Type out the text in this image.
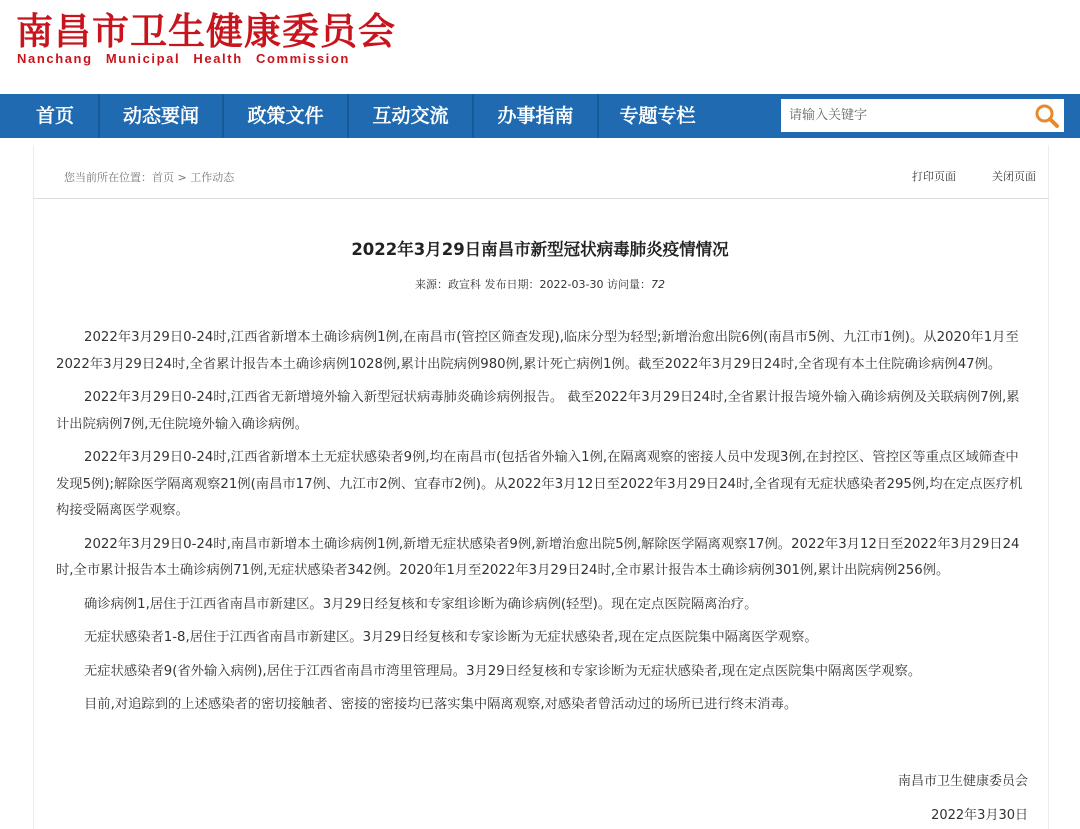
南昌市卫生健康委员会
Nanchang Municipal Health Commission
首页	动态要闻	政策文件	互动交流	办事指南	专题专栏
请输入关键字
您当前所在位置：首页 > 工作动态	打印页面	关闭页面
2022年3月29日南昌市新型冠状病毒肺炎疫情情况
来源：政宣科 发布日期：2022-03-30 访问量：72

2022年3月29日0-24时,江西省新增本土确诊病例1例,在南昌市(管控区筛查发现),临床分型为轻型;新增治愈出院6例(南昌市5例、九江市1例)。从2020年1月至2022年3月29日24时,全省累计报告本土确诊病例1028例,累计出院病例980例,累计死亡病例1例。截至2022年3月29日24时,全省现有本土住院确诊病例47例。

2022年3月29日0-24时,江西省无新增境外输入新型冠状病毒肺炎确诊病例报告。 截至2022年3月29日24时,全省累计报告境外输入确诊病例及关联病例7例,累计出院病例7例,无住院境外输入确诊病例。

2022年3月29日0-24时,江西省新增本土无症状感染者9例,均在南昌市(包括省外输入1例,在隔离观察的密接人员中发现3例,在封控区、管控区等重点区域筛查中发现5例);解除医学隔离观察21例(南昌市17例、九江市2例、宜春市2例)。从2022年3月12日至2022年3月29日24时,全省现有无症状感染者295例,均在定点医疗机构接受隔离医学观察。

2022年3月29日0-24时,南昌市新增本土确诊病例1例,新增无症状感染者9例,新增治愈出院5例,解除医学隔离观察17例。2022年3月12日至2022年3月29日24时,全市累计报告本土确诊病例71例,无症状感染者342例。2020年1月至2022年3月29日24时,全市累计报告本土确诊病例301例,累计出院病例256例。

确诊病例1,居住于江西省南昌市新建区。3月29日经复核和专家组诊断为确诊病例(轻型)。现在定点医院隔离治疗。

无症状感染者1-8,居住于江西省南昌市新建区。3月29日经复核和专家诊断为无症状感染者,现在定点医院集中隔离医学观察。

无症状感染者9(省外输入病例),居住于江西省南昌市湾里管理局。3月29日经复核和专家诊断为无症状感染者,现在定点医院集中隔离医学观察。

目前,对追踪到的上述感染者的密切接触者、密接的密接均已落实集中隔离观察,对感染者曾活动过的场所已进行终末消毒。

南昌市卫生健康委员会
2022年3月30日
